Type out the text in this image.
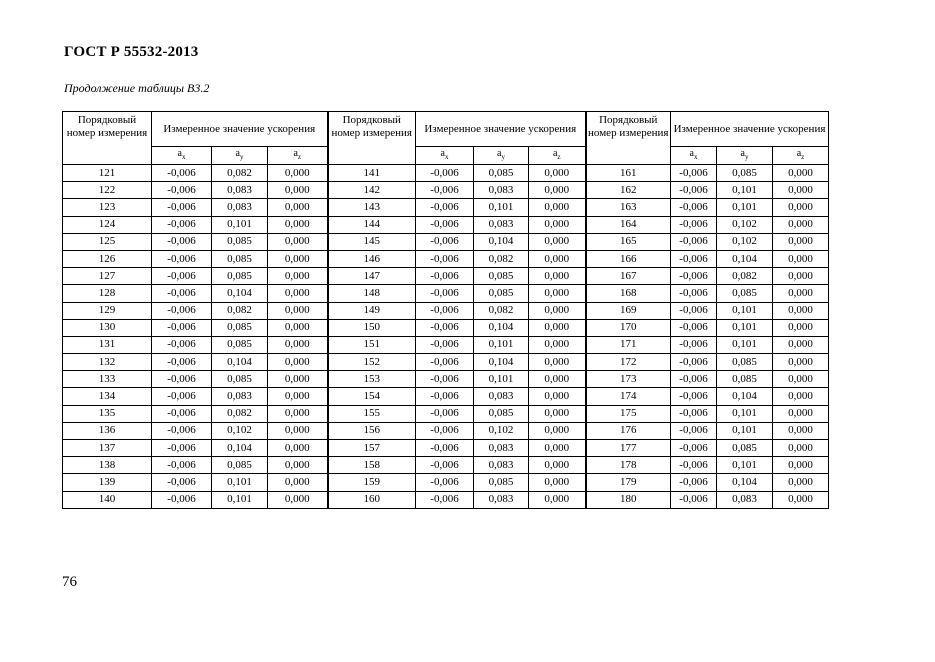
ГОСТ Р 55532-2013
Продолжение таблицы В3.2
Порядковый номер измерения	Измеренное значение ускорения			Порядковый номер измерения	Измеренное значение ускорения			Порядковый номер измерения	Измеренное значение ускорения		
	$a_x$	$a_y$	$a_z$		$a_x$	$a_y$	$a_z$		$a_x$	$a_y$	$a_z$
121	-0,006	0,082	0,000	141	-0,006	0,085	0,000	161	-0,006	0,085	0,000
122	-0,006	0,083	0,000	142	-0,006	0,083	0,000	162	-0,006	0,101	0,000
123	-0,006	0,083	0,000	143	-0,006	0,101	0,000	163	-0,006	0,101	0,000
124	-0,006	0,101	0,000	144	-0,006	0,083	0,000	164	-0,006	0,102	0,000
125	-0,006	0,085	0,000	145	-0,006	0,104	0,000	165	-0,006	0,102	0,000
126	-0,006	0,085	0,000	146	-0,006	0,082	0,000	166	-0,006	0,104	0,000
127	-0,006	0,085	0,000	147	-0,006	0,085	0,000	167	-0,006	0,082	0,000
128	-0,006	0,104	0,000	148	-0,006	0,085	0,000	168	-0,006	0,085	0,000
129	-0,006	0,082	0,000	149	-0,006	0,082	0,000	169	-0,006	0,101	0,000
130	-0,006	0,085	0,000	150	-0,006	0,104	0,000	170	-0,006	0,101	0,000
131	-0,006	0,085	0,000	151	-0,006	0,101	0,000	171	-0,006	0,101	0,000
132	-0,006	0,104	0,000	152	-0,006	0,104	0,000	172	-0,006	0,085	0,000
133	-0,006	0,085	0,000	153	-0,006	0,101	0,000	173	-0,006	0,085	0,000
134	-0,006	0,083	0,000	154	-0,006	0,083	0,000	174	-0,006	0,104	0,000
135	-0,006	0,082	0,000	155	-0,006	0,085	0,000	175	-0,006	0,101	0,000
136	-0,006	0,102	0,000	156	-0,006	0,102	0,000	176	-0,006	0,101	0,000
137	-0,006	0,104	0,000	157	-0,006	0,083	0,000	177	-0,006	0,085	0,000
138	-0,006	0,085	0,000	158	-0,006	0,083	0,000	178	-0,006	0,101	0,000
139	-0,006	0,101	0,000	159	-0,006	0,085	0,000	179	-0,006	0,104	0,000
140	-0,006	0,101	0,000	160	-0,006	0,083	0,000	180	-0,006	0,083	0,000
76
